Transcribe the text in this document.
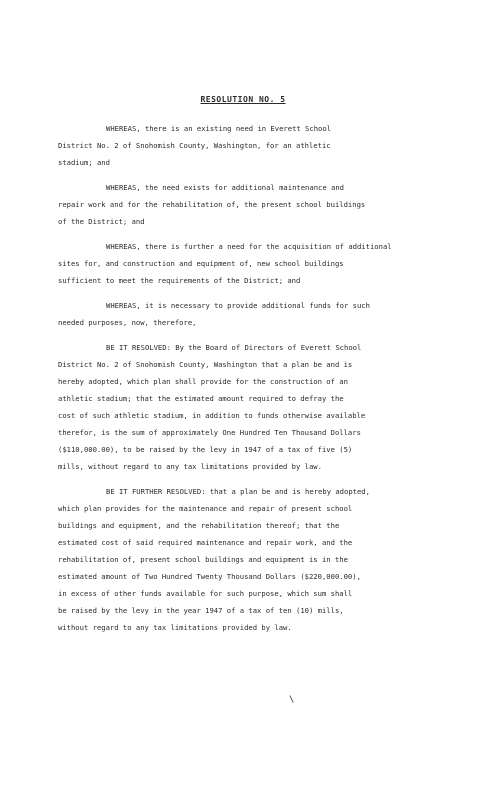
RESOLUTION NO. 5
WHEREAS, there is an existing need in Everett School
District No. 2 of Snohomish County, Washington, for an athletic
stadium; and
WHEREAS, the need exists for additional maintenance and
repair work and for the rehabilitation of, the present school buildings
of the District; and
WHEREAS, there is further a need for the acquisition of additional
sites for, and construction and equipment of, new school buildings
sufficient to meet the requirements of the District; and
WHEREAS, it is necessary to provide additional funds for such
needed purposes, now, therefore,
BE IT RESOLVED: By the Board of Directors of Everett School
District No. 2 of Snohomish County, Washington that a plan be and is
hereby adopted, which plan shall provide for the construction of an
athletic stadium; that the estimated amount required to defray the
cost of such athletic stadium, in addition to funds otherwise available
therefor, is the sum of approximately One Hundred Ten Thousand Dollars
($110,000.00), to be raised by the levy in 1947 of a tax of five (5)
mills, without regard to any tax limitations provided by law.
BE IT FURTHER RESOLVED: that a plan be and is hereby adopted,
which plan provides for the maintenance and repair of present school
buildings and equipment, and the rehabilitation thereof; that the
estimated cost of said required maintenance and repair work, and the
rehabilitation of, present school buildings and equipment is in the
estimated amount of Two Hundred Twenty Thousand Dollars ($220,000.00),
in excess of other funds available for such purpose, which sum shall
be raised by the levy in the year 1947 of a tax of ten (10) mills,
without regard to any tax limitations provided by law.
\
